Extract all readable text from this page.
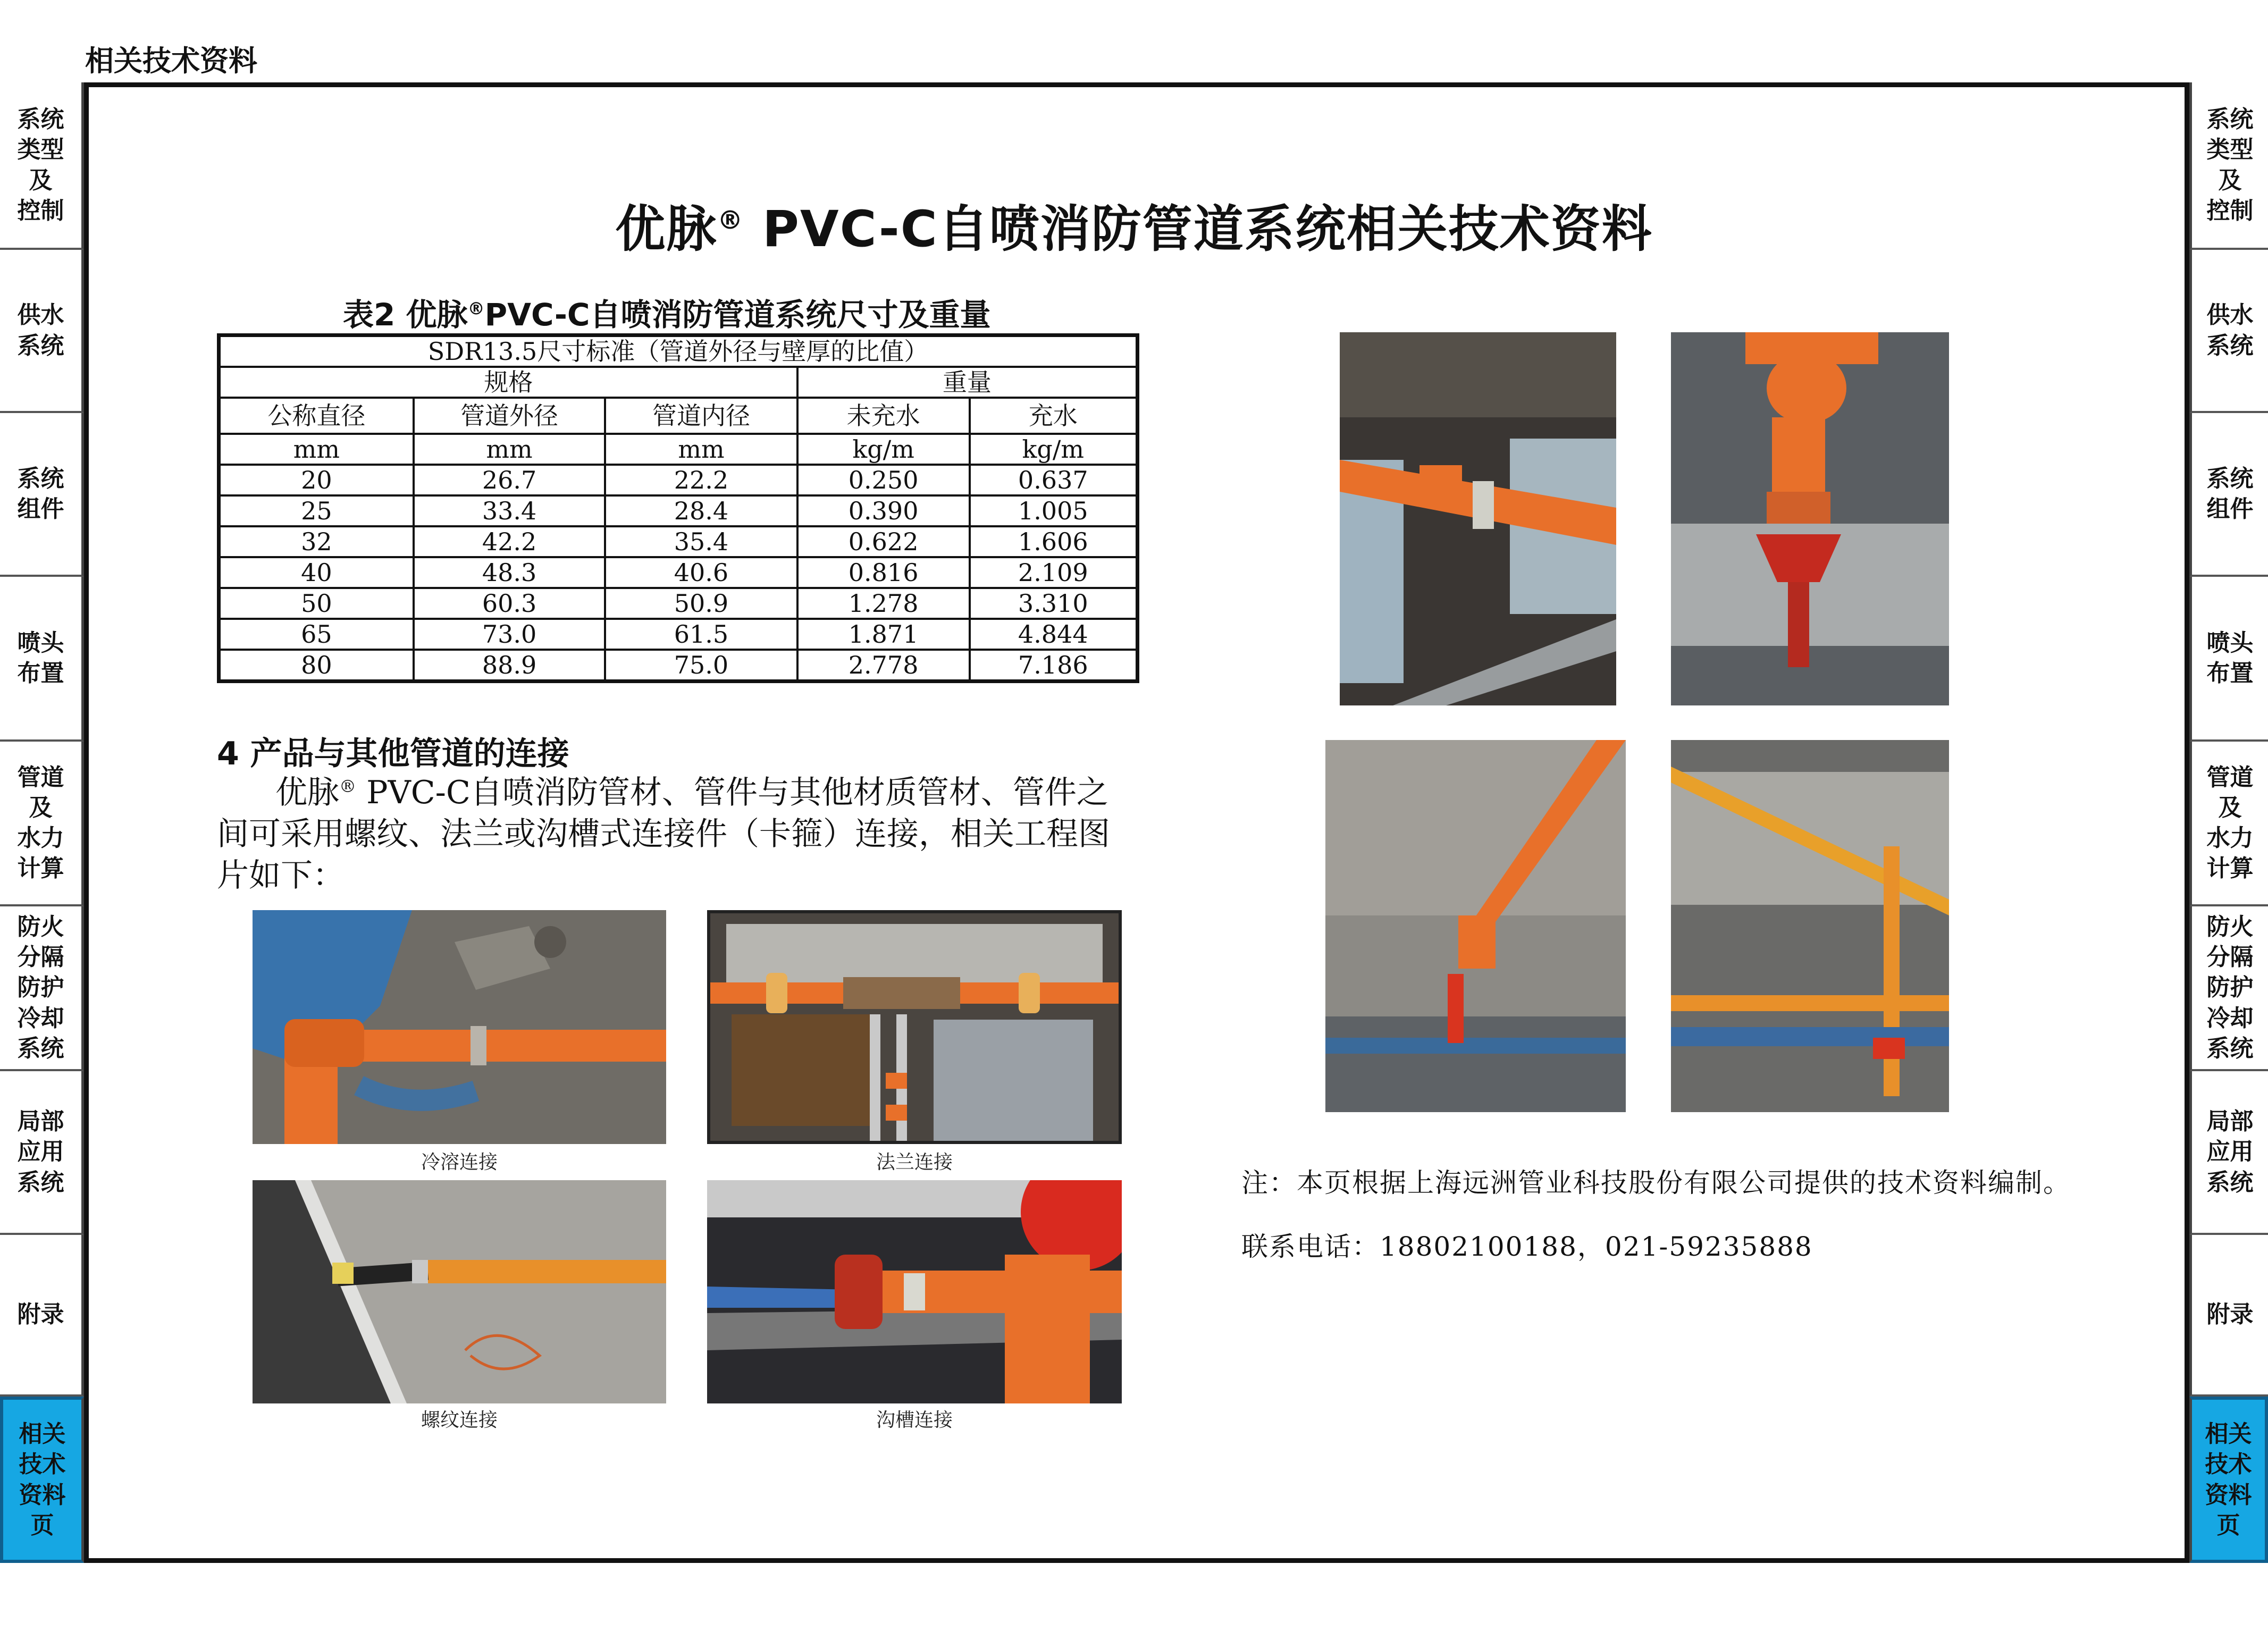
相关技术资料
系统
类型
及
控制
供水
系统
系统
组件
喷头
布置
管道
及
水力
计算
防火
分隔
防护
冷却
系统
局部
应用
系统
附录
相关
技术
资料
页
系统
类型
及
控制
供水
系统
系统
组件
喷头
布置
管道
及
水力
计算
防火
分隔
防护
冷却
系统
局部
应用
系统
附录
相关
技术
资料
页
优脉® PVC-C自喷消防管道系统相关技术资料
表2 优脉®PVC-C自喷消防管道系统尺寸及重量
SDR13.5尺寸标准（管道外径与壁厚的比值）				
规格			重量	
公称直径	管道外径	管道内径	未充水	充水
mm	mm	mm	kg/m	kg/m
20	26.7	22.2	0.250	0.637
25	33.4	28.4	0.390	1.005
32	42.2	35.4	0.622	1.606
40	48.3	40.6	0.816	2.109
50	60.3	50.9	1.278	3.310
65	73.0	61.5	1.871	4.844
80	88.9	75.0	2.778	7.186
4 产品与其他管道的连接
优脉® PVC-C自喷消防管材、管件与其他材质管材、管件之间可采用螺纹、法兰或沟槽式连接件（卡箍）连接，相关工程图片如下：
冷溶连接	法兰连接
螺纹连接	沟槽连接
注：本页根据上海远洲管业科技股份有限公司提供的技术资料编制。
联系电话：18802100188，021-59235888
